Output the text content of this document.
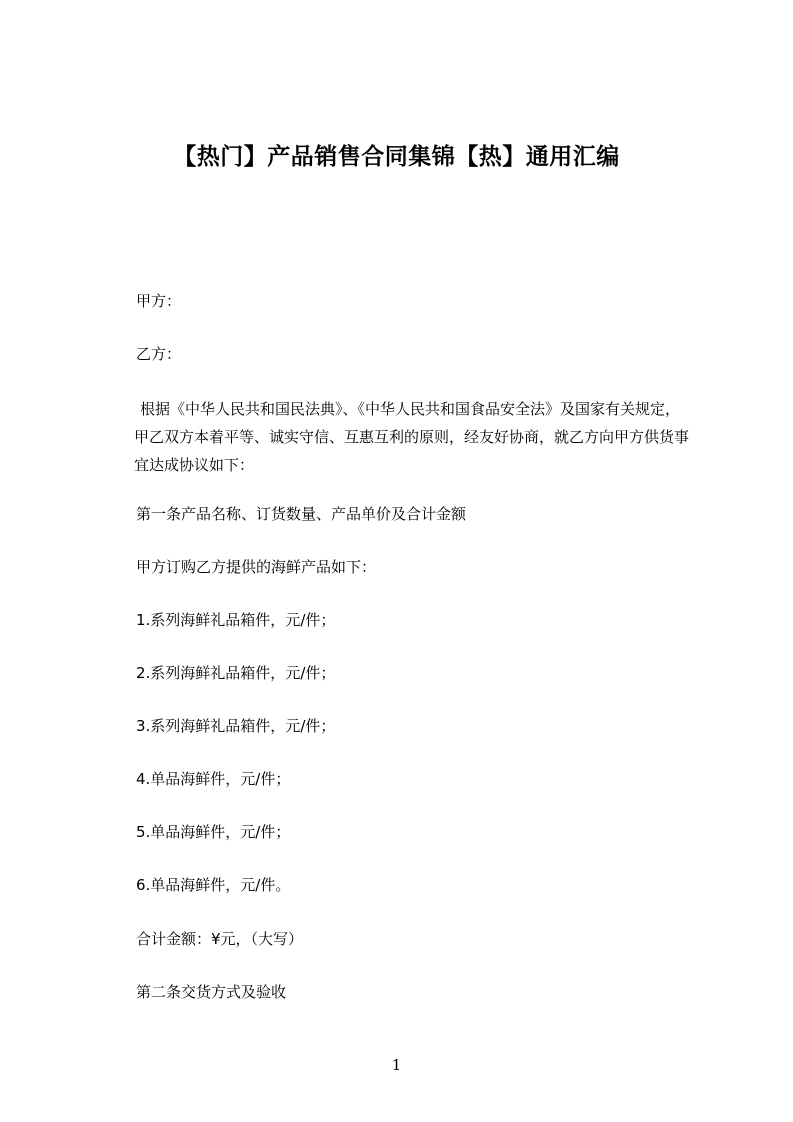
【热门】产品销售合同集锦【热】通用汇编
甲方：
乙方：
根据《中华人民共和国民法典》、《中华人民共和国食品安全法》及国家有关规定，
甲乙双方本着平等、诚实守信、互惠互利的原则，经友好协商，就乙方向甲方供货事
宜达成协议如下：
第一条产品名称、订货数量、产品单价及合计金额
甲方订购乙方提供的海鲜产品如下：
1.系列海鲜礼品箱件，元/件；
2.系列海鲜礼品箱件，元/件；
3.系列海鲜礼品箱件，元/件；
4.单品海鲜件，元/件；
5.单品海鲜件，元/件；
6.单品海鲜件，元/件。
合计金额：¥元，（大写）
第二条交货方式及验收
1
